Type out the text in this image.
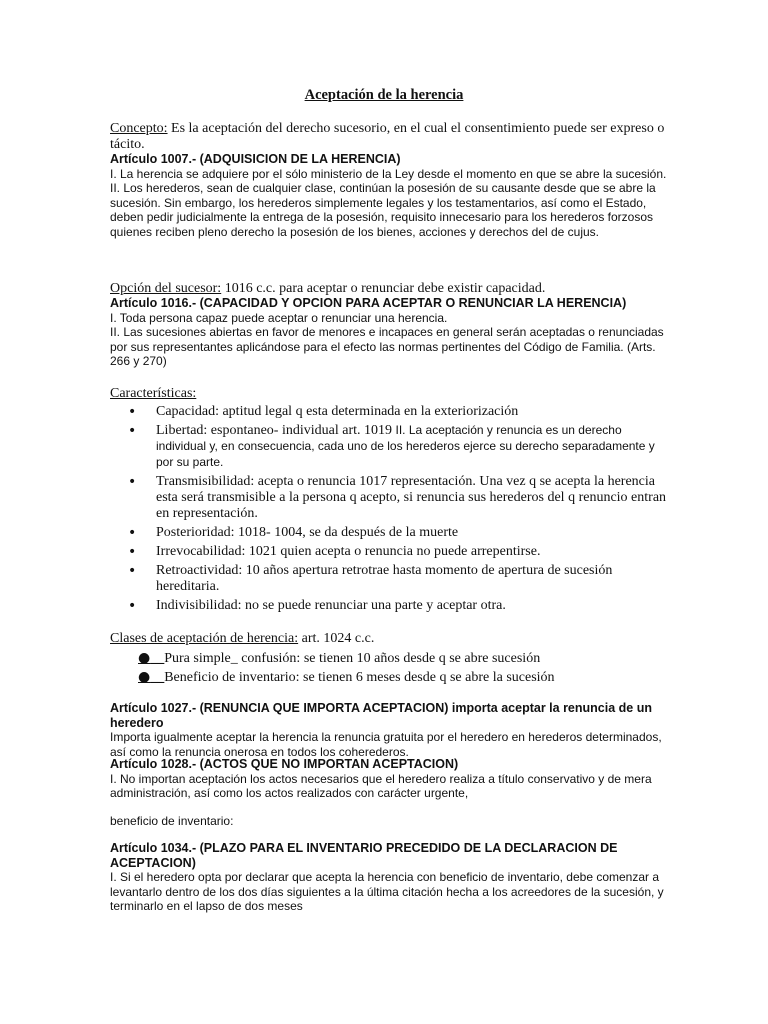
Aceptación de la herencia
Concepto: Es la aceptación del derecho sucesorio, en el cual el consentimiento puede ser expreso o tácito.

Artículo 1007.- (ADQUISICION DE LA HERENCIA)

I. La herencia se adquiere por el sólo ministerio de la Ley desde el momento en que se abre la sucesión.

II. Los herederos, sean de cualquier clase, continúan la posesión de su causante desde que se abre la sucesión. Sin embargo, los herederos simplemente legales y los testamentarios, así como el Estado, deben pedir judicialmente la entrega de la posesión, requisito innecesario para los herederos forzosos quienes reciben pleno derecho la posesión de los bienes, acciones y derechos del de cujus.

Opción del sucesor: 1016 c.c. para aceptar o renunciar debe existir capacidad.

Artículo 1016.- (CAPACIDAD Y OPCION PARA ACEPTAR O RENUNCIAR LA HERENCIA)

I. Toda persona capaz puede aceptar o renunciar una herencia.

II. Las sucesiones abiertas en favor de menores e incapaces en general serán aceptadas o renunciadas por sus representantes aplicándose para el efecto las normas pertinentes del Código de Familia. (Arts. 266 y 270)

Características:
• Capacidad: aptitud legal q esta determinada en la exteriorización
• Libertad: espontaneo- individual art. 1019 II. La aceptación y renuncia es un derecho individual y, en consecuencia, cada uno de los herederos ejerce su derecho separadamente y por su parte.
• Transmisibilidad: acepta o renuncia 1017 representación. Una vez q se acepta la herencia esta será transmisible a la persona q acepto, si renuncia sus herederos del q renuncio entran en representación.
• Posterioridad: 1018- 1004, se da después de la muerte
• Irrevocabilidad: 1021 quien acepta o renuncia no puede arrepentirse.
• Retroactividad: 10 años apertura retrotrae hasta momento de apertura de sucesión hereditaria.
• Indivisibilidad: no se puede renunciar una parte y aceptar otra.
Clases de aceptación de herencia: art. 1024 c.c.
●__Pura simple_ confusión: se tienen 10 años desde q se abre sucesión
●__Beneficio de inventario: se tienen 6 meses desde q se abre la sucesión

Artículo 1027.- (RENUNCIA QUE IMPORTA ACEPTACION) importa aceptar la renuncia de un heredero

Importa igualmente aceptar la herencia la renuncia gratuita por el heredero en herederos determinados, así como la renuncia onerosa en todos los coherederos.

Artículo 1028.- (ACTOS QUE NO IMPORTAN ACEPTACION)

I. No importan aceptación los actos necesarios que el heredero realiza a título conservativo y de mera administración, así como los actos realizados con carácter urgente,

beneficio de inventario:

Artículo 1034.- (PLAZO PARA EL INVENTARIO PRECEDIDO DE LA DECLARACION DE ACEPTACION)

I. Si el heredero opta por declarar que acepta la herencia con beneficio de inventario, debe comenzar a

levantarlo dentro de los dos días siguientes a la última citación hecha a los acreedores de la sucesión, y terminarlo en el lapso de dos meses
